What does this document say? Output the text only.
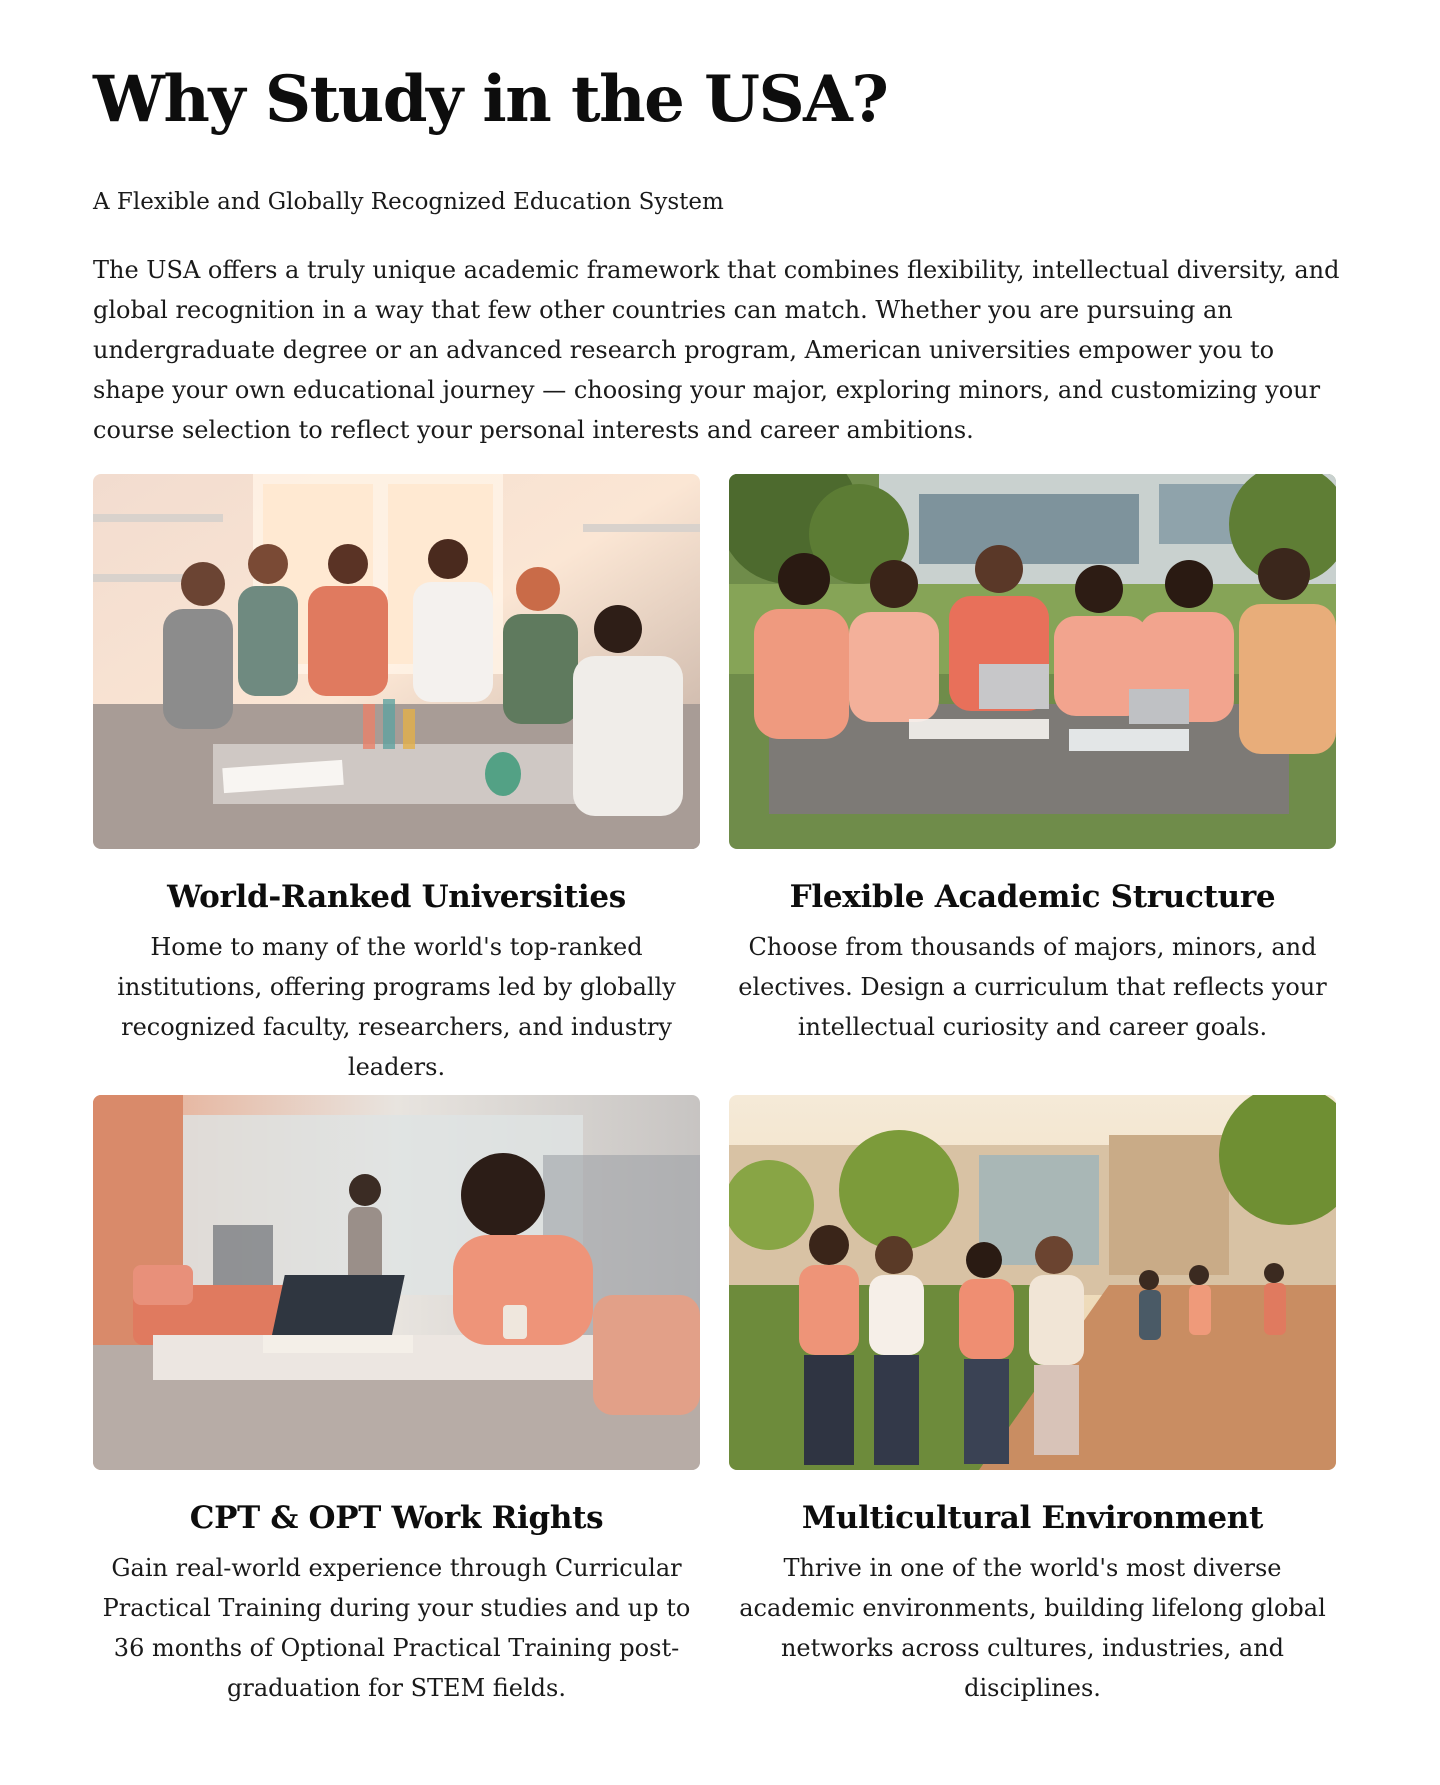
Why Study in the USA?
A Flexible and Globally Recognized Education System

The USA offers a truly unique academic framework that combines flexibility, intellectual diversity, and global recognition in a way that few other countries can match. Whether you are pursuing an undergraduate degree or an advanced research program, American universities empower you to shape your own educational journey — choosing your major, exploring minors, and customizing your course selection to reflect your personal interests and career ambitions.

World-Ranked Universities

Home to many of the world's top-ranked institutions, offering programs led by globally recognized faculty, researchers, and industry leaders.

Flexible Academic Structure

Choose from thousands of majors, minors, and electives. Design a curriculum that reflects your intellectual curiosity and career goals.

CPT & OPT Work Rights

Gain real-world experience through Curricular Practical Training during your studies and up to 36 months of Optional Practical Training post-graduation for STEM fields.

Multicultural Environment

Thrive in one of the world's most diverse academic environments, building lifelong global networks across cultures, industries, and disciplines.
